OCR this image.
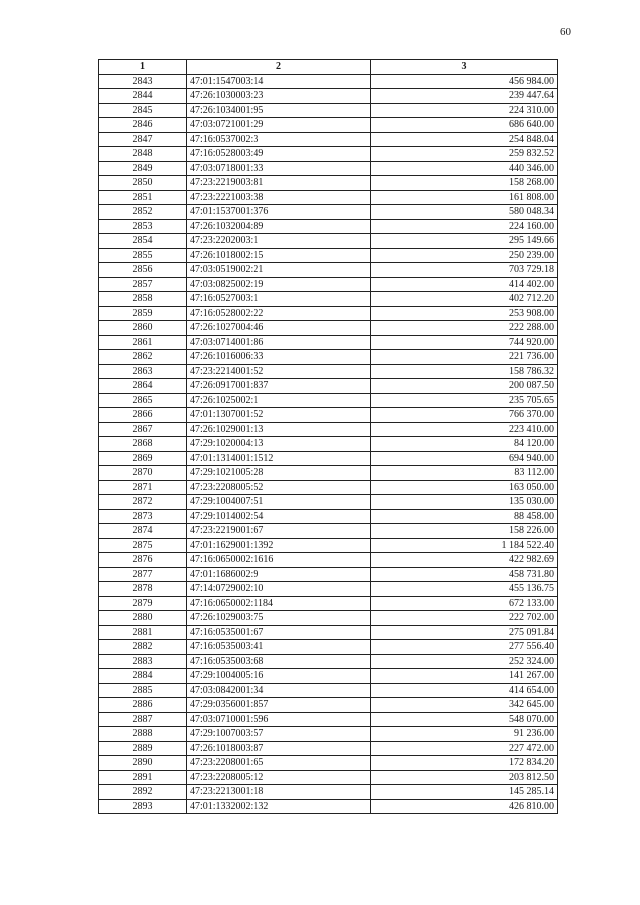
60
1	2	3
2843	47:01:1547003:14	456 984.00
2844	47:26:1030003:23	239 447.64
2845	47:26:1034001:95	224 310.00
2846	47:03:0721001:29	686 640.00
2847	47:16:0537002:3	254 848.04
2848	47:16:0528003:49	259 832.52
2849	47:03:0718001:33	440 346.00
2850	47:23:2219003:81	158 268.00
2851	47:23:2221003:38	161 808.00
2852	47:01:1537001:376	580 048.34
2853	47:26:1032004:89	224 160.00
2854	47:23:2202003:1	295 149.66
2855	47:26:1018002:15	250 239.00
2856	47:03:0519002:21	703 729.18
2857	47:03:0825002:19	414 402.00
2858	47:16:0527003:1	402 712.20
2859	47:16:0528002:22	253 908.00
2860	47:26:1027004:46	222 288.00
2861	47:03:0714001:86	744 920.00
2862	47:26:1016006:33	221 736.00
2863	47:23:2214001:52	158 786.32
2864	47:26:0917001:837	200 087.50
2865	47:26:1025002:1	235 705.65
2866	47:01:1307001:52	766 370.00
2867	47:26:1029001:13	223 410.00
2868	47:29:1020004:13	84 120.00
2869	47:01:1314001:1512	694 940.00
2870	47:29:1021005:28	83 112.00
2871	47:23:2208005:52	163 050.00
2872	47:29:1004007:51	135 030.00
2873	47:29:1014002:54	88 458.00
2874	47:23:2219001:67	158 226.00
2875	47:01:1629001:1392	1 184 522.40
2876	47:16:0650002:1616	422 982.69
2877	47:01:1686002:9	458 731.80
2878	47:14:0729002:10	455 136.75
2879	47:16:0650002:1184	672 133.00
2880	47:26:1029003:75	222 702.00
2881	47:16:0535001:67	275 091.84
2882	47:16:0535003:41	277 556.40
2883	47:16:0535003:68	252 324.00
2884	47:29:1004005:16	141 267.00
2885	47:03:0842001:34	414 654.00
2886	47:29:0356001:857	342 645.00
2887	47:03:0710001:596	548 070.00
2888	47:29:1007003:57	91 236.00
2889	47:26:1018003:87	227 472.00
2890	47:23:2208001:65	172 834.20
2891	47:23:2208005:12	203 812.50
2892	47:23:2213001:18	145 285.14
2893	47:01:1332002:132	426 810.00
